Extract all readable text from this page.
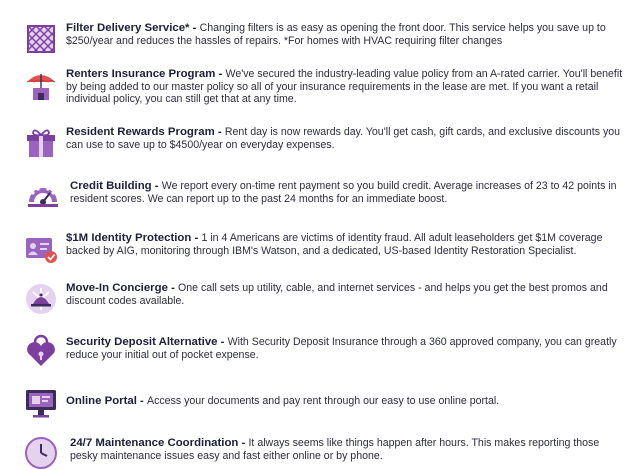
Filter Delivery Service* - Changing filters is as easy as opening the front door. This service helps you save up to $250/year and reduces the hassles of repairs. *For homes with HVAC requiring filter changes
Renters Insurance Program - We've secured the industry-leading value policy from an A-rated carrier. You'll benefit by being added to our master policy so all of your insurance requirements in the lease are met. If you want a retail individual policy, you can still get that at any time.
Resident Rewards Program - Rent day is now rewards day. You'll get cash, gift cards, and exclusive discounts you can use to save up to $4500/year on everyday expenses.
Credit Building - We report every on-time rent payment so you build credit. Average increases of 23 to 42 points in resident scores. We can report up to the past 24 months for an immediate boost.
$1M Identity Protection - 1 in 4 Americans are victims of identity fraud. All adult leaseholders get $1M coverage backed by AIG, monitoring through IBM's Watson, and a dedicated, US-based Identity Restoration Specialist.
Move-In Concierge - One call sets up utility, cable, and internet services - and helps you get the best promos and discount codes available.
Security Deposit Alternative - With Security Deposit Insurance through a 360 approved company, you can greatly reduce your initial out of pocket expense.
Online Portal - Access your documents and pay rent through our easy to use online portal.
24/7 Maintenance Coordination - It always seems like things happen after hours. This makes reporting those pesky maintenance issues easy and fast either online or by phone.
